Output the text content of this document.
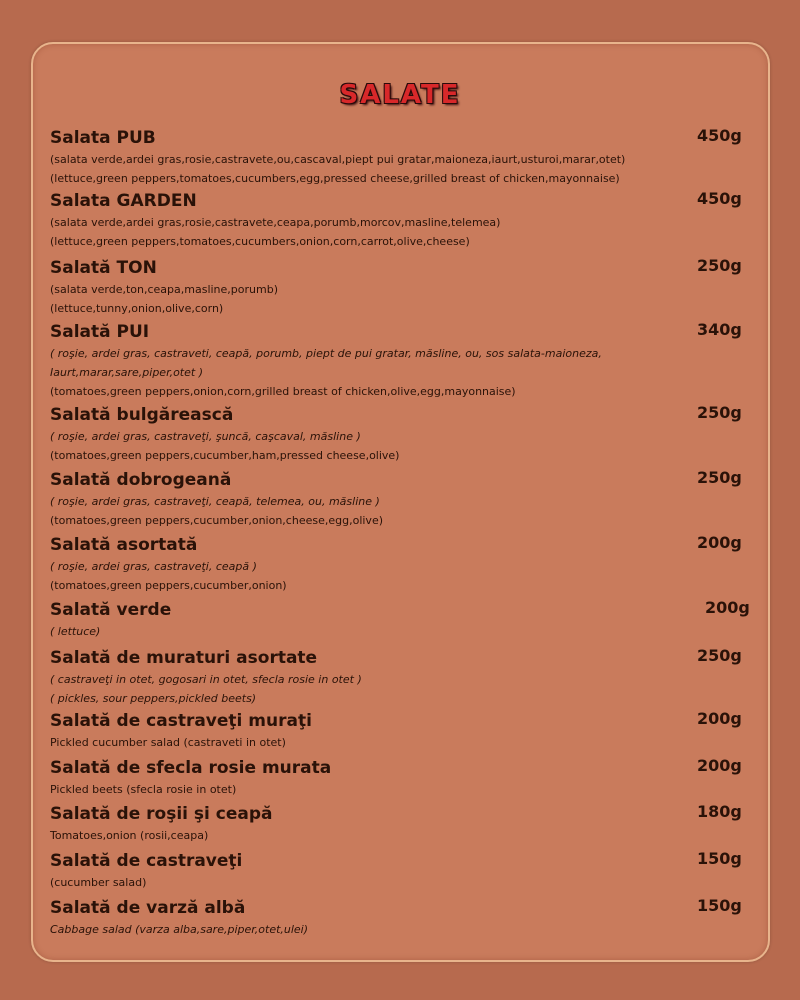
SALATE
Salata PUB	450g
(salata verde,ardei gras,rosie,castravete,ou,cascaval,piept pui gratar,maioneza,iaurt,usturoi,marar,otet)
(lettuce,green peppers,tomatoes,cucumbers,egg,pressed cheese,grilled breast of chicken,mayonnaise)
Salata GARDEN	450g
(salata verde,ardei gras,rosie,castravete,ceapa,porumb,morcov,masline,telemea)
(lettuce,green peppers,tomatoes,cucumbers,onion,corn,carrot,olive,cheese)
Salată TON	250g
(salata verde,ton,ceapa,masline,porumb)
(lettuce,tunny,onion,olive,corn)
Salată PUI	340g
( roşie, ardei gras, castraveti, ceapă, porumb, piept de pui gratar, măsline, ou, sos salata-maioneza,
Iaurt,marar,sare,piper,otet )
(tomatoes,green peppers,onion,corn,grilled breast of chicken,olive,egg,mayonnaise)
Salată bulgărească	250g
( roşie, ardei gras, castraveţi, şuncă, caşcaval, măsline )
(tomatoes,green peppers,cucumber,ham,pressed cheese,olive)
Salată dobrogeană	250g
( roşie, ardei gras, castraveţi, ceapă, telemea, ou, măsline )
(tomatoes,green peppers,cucumber,onion,cheese,egg,olive)
Salată asortată	200g
( roşie, ardei gras, castraveţi, ceapă )
(tomatoes,green peppers,cucumber,onion)
Salată verde	200g
( lettuce)
Salată de muraturi asortate	250g
( castraveţi in otet, gogosari in otet, sfecla rosie in otet )
( pickles, sour peppers,pickled beets)
Salată de castraveţi muraţi	200g
Pickled cucumber salad (castraveti in otet)
Salată de sfecla rosie murata	200g
Pickled beets (sfecla rosie in otet)
Salată de roşii şi ceapă	180g
Tomatoes,onion (rosii,ceapa)
Salată de castraveţi	150g
(cucumber salad)
Salată de varză albă	150g
Cabbage salad (varza alba,sare,piper,otet,ulei)
